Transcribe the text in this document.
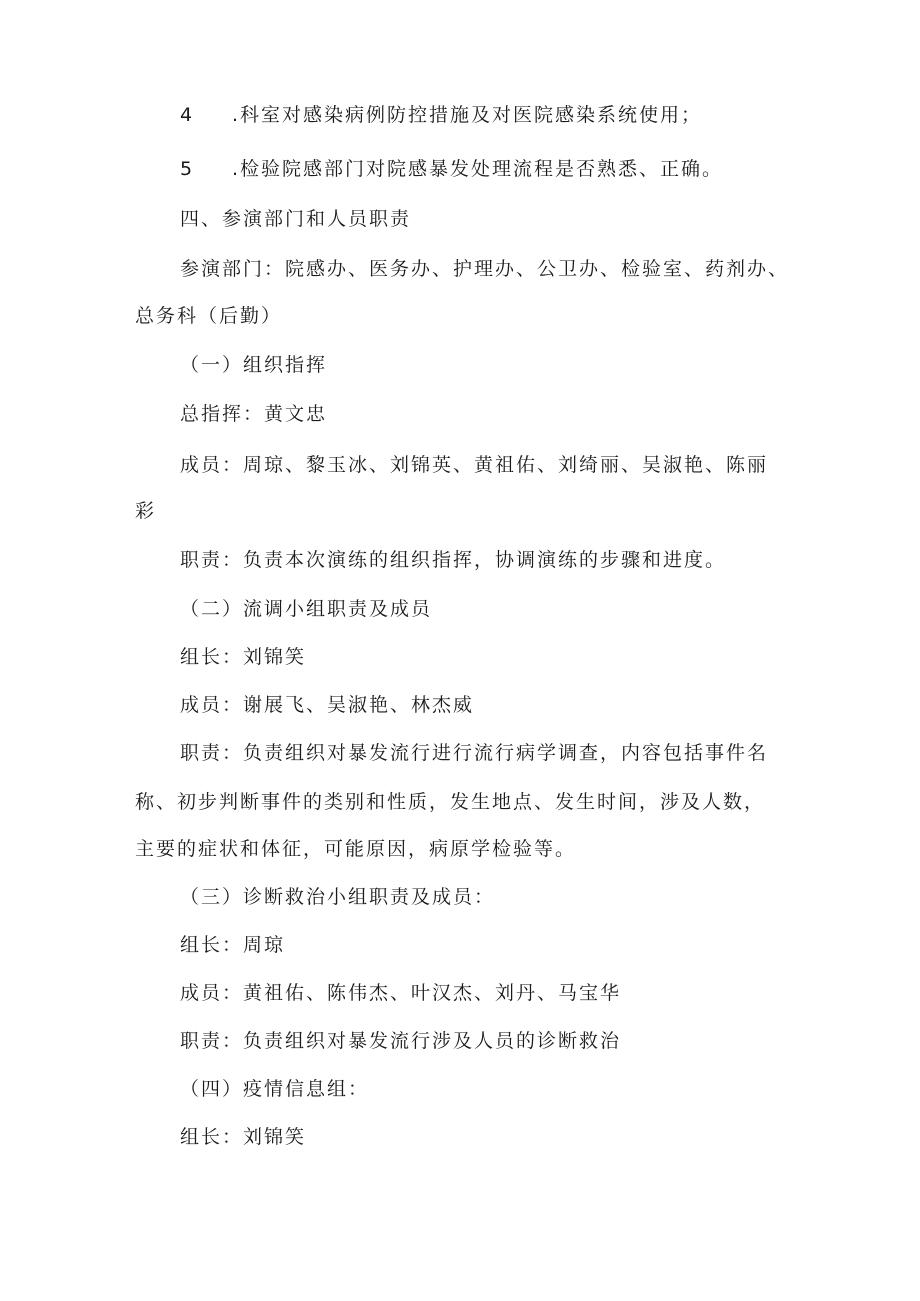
4 .科室对感染病例防控措施及对医院感染系统使用；
5 .检验院感部门对院感暴发处理流程是否熟悉、正确。
四、参演部门和人员职责
参演部门：院感办、医务办、护理办、公卫办、检验室、药剂办、
总务科（后勤）
（一）组织指挥
总指挥：黄文忠
成员：周琼、黎玉冰、刘锦英、黄祖佑、刘绮丽、吴淑艳、陈丽
彩
职责：负责本次演练的组织指挥，协调演练的步骤和进度。
（二）流调小组职责及成员
组长：刘锦笑
成员：谢展飞、吴淑艳、林杰威
职责：负责组织对暴发流行进行流行病学调查，内容包括事件名
称、初步判断事件的类别和性质，发生地点、发生时间，涉及人数，
主要的症状和体征，可能原因，病原学检验等。
（三）诊断救治小组职责及成员：
组长：周琼
成员：黄祖佑、陈伟杰、叶汉杰、刘丹、马宝华
职责：负责组织对暴发流行涉及人员的诊断救治
（四）疫情信息组：
组长：刘锦笑
